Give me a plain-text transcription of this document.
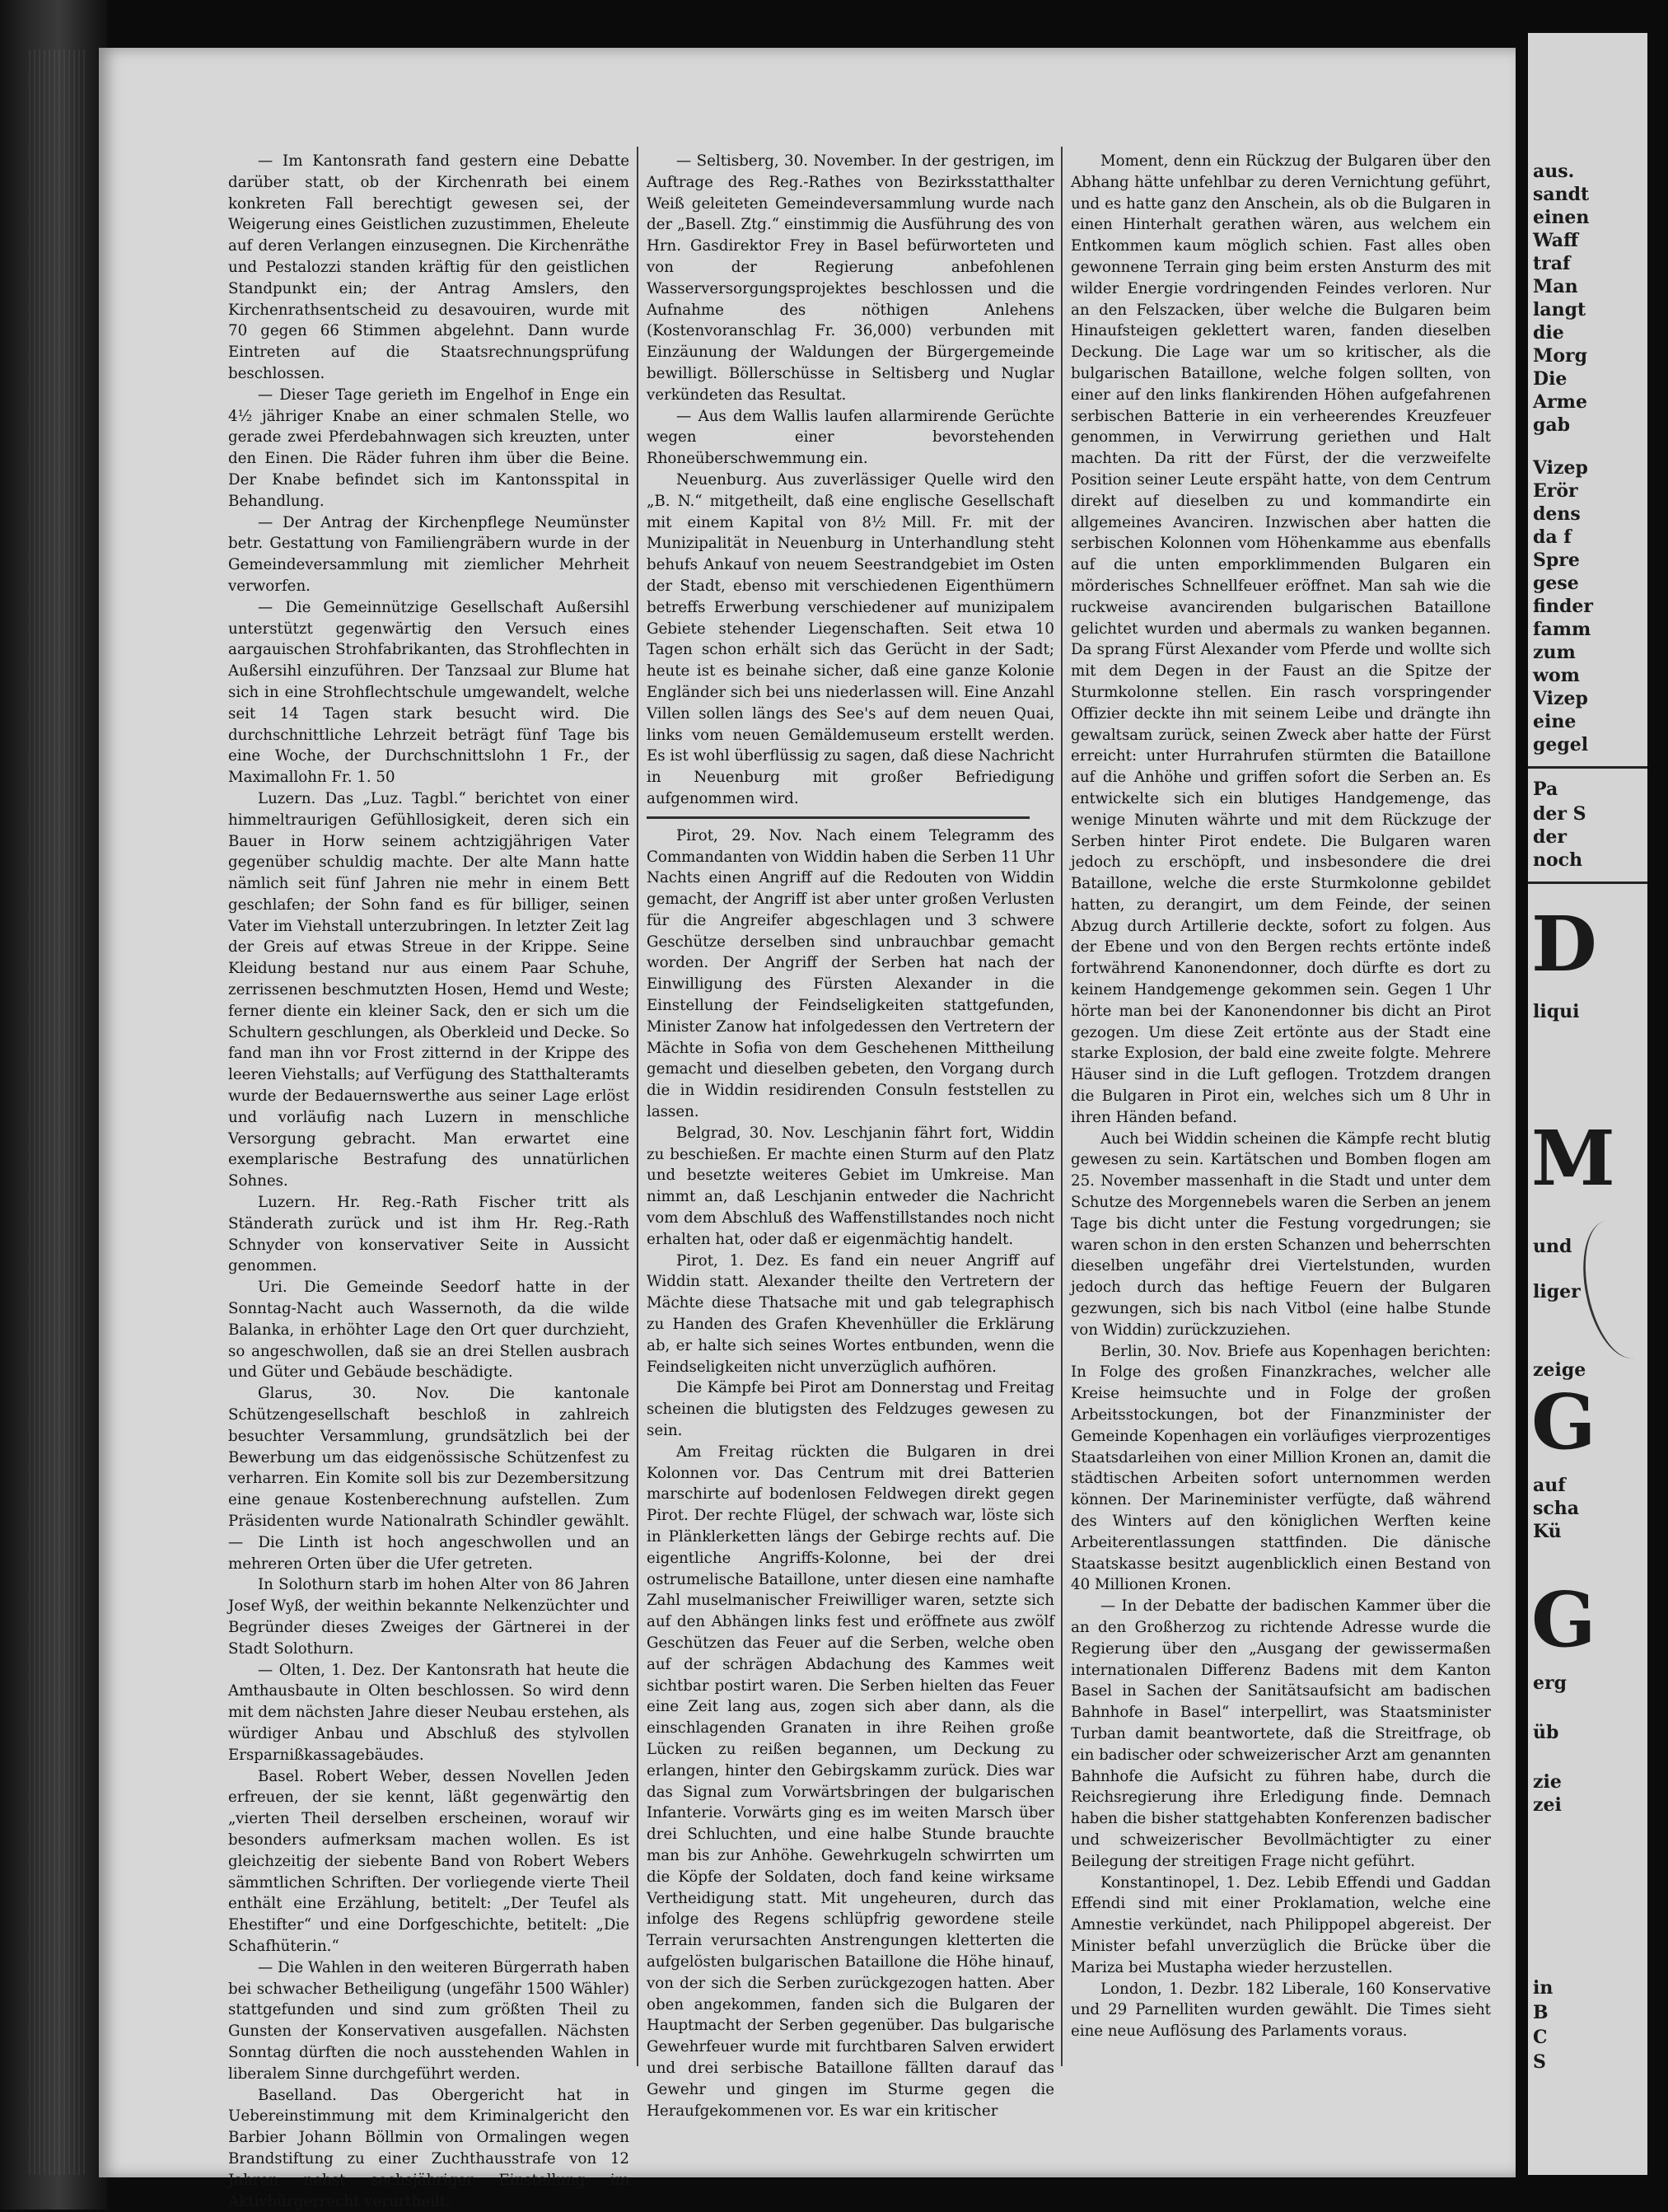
— Im Kantonsrath fand gestern eine Debatte darüber statt, ob der Kirchenrath bei einem konkreten Fall berechtigt gewesen sei, der Weigerung eines Geistlichen zuzustimmen, Eheleute auf deren Verlangen einzusegnen. Die Kirchenräthe und Pestalozzi standen kräftig für den geistlichen Standpunkt ein; der Antrag Amslers, den Kirchenrathsentscheid zu desavouiren, wurde mit 70 gegen 66 Stimmen abgelehnt. Dann wurde Eintreten auf die Staatsrechnungsprüfung beschlossen.

— Dieser Tage gerieth im Engelhof in Enge ein 4½ jähriger Knabe an einer schmalen Stelle, wo gerade zwei Pferdebahnwagen sich kreuzten, unter den Einen. Die Räder fuhren ihm über die Beine. Der Knabe befindet sich im Kantonsspital in Behandlung.

— Der Antrag der Kirchenpflege Neumünster betr. Gestattung von Familiengräbern wurde in der Gemeindeversammlung mit ziemlicher Mehrheit verworfen.

— Die Gemeinnützige Gesellschaft Außersihl unterstützt gegenwärtig den Versuch eines aargauischen Strohfabrikanten, das Strohflechten in Außersihl einzuführen. Der Tanzsaal zur Blume hat sich in eine Strohflechtschule umgewandelt, welche seit 14 Tagen stark besucht wird. Die durchschnittliche Lehrzeit beträgt fünf Tage bis eine Woche, der Durchschnittslohn 1 Fr., der Maximallohn Fr. 1. 50

Luzern. Das „Luz. Tagbl.“ berichtet von einer himmeltraurigen Gefühllosigkeit, deren sich ein Bauer in Horw seinem achtzigjährigen Vater gegenüber schuldig machte. Der alte Mann hatte nämlich seit fünf Jahren nie mehr in einem Bett geschlafen; der Sohn fand es für billiger, seinen Vater im Viehstall unterzubringen. In letzter Zeit lag der Greis auf etwas Streue in der Krippe. Seine Kleidung bestand nur aus einem Paar Schuhe, zerrissenen beschmutzten Hosen, Hemd und Weste; ferner diente ein kleiner Sack, den er sich um die Schultern geschlungen, als Oberkleid und Decke. So fand man ihn vor Frost zitternd in der Krippe des leeren Viehstalls; auf Verfügung des Statthalteramts wurde der Bedauernswerthe aus seiner Lage erlöst und vorläufig nach Luzern in menschliche Versorgung gebracht. Man erwartet eine exemplarische Bestrafung des unnatürlichen Sohnes.

Luzern. Hr. Reg.-Rath Fischer tritt als Ständerath zurück und ist ihm Hr. Reg.-Rath Schnyder von konservativer Seite in Aussicht genommen.

Uri. Die Gemeinde Seedorf hatte in der Sonntag-Nacht auch Wassernoth, da die wilde Balanka, in erhöhter Lage den Ort quer durchzieht, so angeschwollen, daß sie an drei Stellen ausbrach und Güter und Gebäude beschädigte.

Glarus, 30. Nov. Die kantonale Schützengesellschaft beschloß in zahlreich besuchter Versammlung, grundsätzlich bei der Bewerbung um das eidgenössische Schützenfest zu verharren. Ein Komite soll bis zur Dezembersitzung eine genaue Kostenberechnung aufstellen. Zum Präsidenten wurde Nationalrath Schindler gewählt. — Die Linth ist hoch angeschwollen und an mehreren Orten über die Ufer getreten.

In Solothurn starb im hohen Alter von 86 Jahren Josef Wyß, der weithin bekannte Nelkenzüchter und Begründer dieses Zweiges der Gärtnerei in der Stadt Solothurn.

— Olten, 1. Dez. Der Kantonsrath hat heute die Amthausbaute in Olten beschlossen. So wird denn mit dem nächsten Jahre dieser Neubau erstehen, als würdiger Anbau und Abschluß des stylvollen Ersparnißkassagebäudes.

Basel. Robert Weber, dessen Novellen Jeden erfreuen, der sie kennt, läßt gegenwärtig den „vierten Theil derselben erscheinen, worauf wir besonders aufmerksam machen wollen. Es ist gleichzeitig der siebente Band von Robert Webers sämmtlichen Schriften. Der vorliegende vierte Theil enthält eine Erzählung, betitelt: „Der Teufel als Ehestifter“ und eine Dorfgeschichte, betitelt: „Die Schafhüterin.“

— Die Wahlen in den weiteren Bürgerrath haben bei schwacher Betheiligung (ungefähr 1500 Wähler) stattgefunden und sind zum größten Theil zu Gunsten der Konservativen ausgefallen. Nächsten Sonntag dürften die noch ausstehenden Wahlen in liberalem Sinne durchgeführt werden.

Baselland. Das Obergericht hat in Uebereinstimmung mit dem Kriminalgericht den Barbier Johann Böllmin von Ormalingen wegen Brandstiftung zu einer Zuchthausstrafe von 12 Jahren nebst sechsjähriger Einstellung im Aktivbürgerrecht verurtheilt.

— Seltisberg, 30. November. In der gestrigen, im Auftrage des Reg.-Rathes von Bezirksstatthalter Weiß geleiteten Gemeindeversammlung wurde nach der „Basell. Ztg.“ einstimmig die Ausführung des von Hrn. Gasdirektor Frey in Basel befürworteten und von der Regierung anbefohlenen Wasserversorgungsprojektes beschlossen und die Aufnahme des nöthigen Anlehens (Kostenvoranschlag Fr. 36,000) verbunden mit Einzäunung der Waldungen der Bürgergemeinde bewilligt. Böllerschüsse in Seltisberg und Nuglar verkündeten das Resultat.

— Aus dem Wallis laufen allarmirende Gerüchte wegen einer bevorstehenden Rhoneüberschwemmung ein.

Neuenburg. Aus zuverlässiger Quelle wird den „B. N.“ mitgetheilt, daß eine englische Gesellschaft mit einem Kapital von 8½ Mill. Fr. mit der Munizipalität in Neuenburg in Unterhandlung steht behufs Ankauf von neuem Seestrandgebiet im Osten der Stadt, ebenso mit verschiedenen Eigenthümern betreffs Erwerbung verschiedener auf munizipalem Gebiete stehender Liegenschaften. Seit etwa 10 Tagen schon erhält sich das Gerücht in der Sadt; heute ist es beinahe sicher, daß eine ganze Kolonie Engländer sich bei uns niederlassen will. Eine Anzahl Villen sollen längs des See's auf dem neuen Quai, links vom neuen Gemäldemuseum erstellt werden. Es ist wohl überflüssig zu sagen, daß diese Nachricht in Neuenburg mit großer Befriedigung aufgenommen wird.

Pirot, 29. Nov. Nach einem Telegramm des Commandanten von Widdin haben die Serben 11 Uhr Nachts einen Angriff auf die Redouten von Widdin gemacht, der Angriff ist aber unter großen Verlusten für die Angreifer abgeschlagen und 3 schwere Geschütze derselben sind unbrauchbar gemacht worden. Der Angriff der Serben hat nach der Einwilligung des Fürsten Alexander in die Einstellung der Feindseligkeiten stattgefunden, Minister Zanow hat infolgedessen den Vertretern der Mächte in Sofia von dem Geschehenen Mittheilung gemacht und dieselben gebeten, den Vorgang durch die in Widdin residirenden Consuln feststellen zu lassen.

Belgrad, 30. Nov. Leschjanin fährt fort, Widdin zu beschießen. Er machte einen Sturm auf den Platz und besetzte weiteres Gebiet im Umkreise. Man nimmt an, daß Leschjanin entweder die Nachricht vom dem Abschluß des Waffenstillstandes noch nicht erhalten hat, oder daß er eigenmächtig handelt.

Pirot, 1. Dez. Es fand ein neuer Angriff auf Widdin statt. Alexander theilte den Vertretern der Mächte diese Thatsache mit und gab telegraphisch zu Handen des Grafen Khevenhüller die Erklärung ab, er halte sich seines Wortes entbunden, wenn die Feindseligkeiten nicht unverzüglich aufhören.

Die Kämpfe bei Pirot am Donnerstag und Freitag scheinen die blutigsten des Feldzuges gewesen zu sein.

Am Freitag rückten die Bulgaren in drei Kolonnen vor. Das Centrum mit drei Batterien marschirte auf bodenlosen Feldwegen direkt gegen Pirot. Der rechte Flügel, der schwach war, löste sich in Plänklerketten längs der Gebirge rechts auf. Die eigentliche Angriffs-Kolonne, bei der drei ostrumelische Bataillone, unter diesen eine namhafte Zahl muselmanischer Freiwilliger waren, setzte sich auf den Abhängen links fest und eröffnete aus zwölf Geschützen das Feuer auf die Serben, welche oben auf der schrägen Abdachung des Kammes weit sichtbar postirt waren. Die Serben hielten das Feuer eine Zeit lang aus, zogen sich aber dann, als die einschlagenden Granaten in ihre Reihen große Lücken zu reißen begannen, um Deckung zu erlangen, hinter den Gebirgskamm zurück. Dies war das Signal zum Vorwärtsbringen der bulgarischen Infanterie. Vorwärts ging es im weiten Marsch über drei Schluchten, und eine halbe Stunde brauchte man bis zur Anhöhe. Gewehrkugeln schwirrten um die Köpfe der Soldaten, doch fand keine wirksame Vertheidigung statt. Mit ungeheuren, durch das infolge des Regens schlüpfrig gewordene steile Terrain verursachten Anstrengungen kletterten die aufgelösten bulgarischen Bataillone die Höhe hinauf, von der sich die Serben zurückgezogen hatten. Aber oben angekommen, fanden sich die Bulgaren der Hauptmacht der Serben gegenüber. Das bulgarische Gewehrfeuer wurde mit furchtbaren Salven erwidert und drei serbische Bataillone fällten darauf das Gewehr und gingen im Sturme gegen die Heraufgekommenen vor. Es war ein kritischer

Moment, denn ein Rückzug der Bulgaren über den Abhang hätte unfehlbar zu deren Vernichtung geführt, und es hatte ganz den Anschein, als ob die Bulgaren in einen Hinterhalt gerathen wären, aus welchem ein Entkommen kaum möglich schien. Fast alles oben gewonnene Terrain ging beim ersten Ansturm des mit wilder Energie vordringenden Feindes verloren. Nur an den Felszacken, über welche die Bulgaren beim Hinaufsteigen geklettert waren, fanden dieselben Deckung. Die Lage war um so kritischer, als die bulgarischen Bataillone, welche folgen sollten, von einer auf den links flankirenden Höhen aufgefahrenen serbischen Batterie in ein verheerendes Kreuzfeuer genommen, in Verwirrung geriethen und Halt machten. Da ritt der Fürst, der die verzweifelte Position seiner Leute erspäht hatte, von dem Centrum direkt auf dieselben zu und kommandirte ein allgemeines Avanciren. Inzwischen aber hatten die serbischen Kolonnen vom Höhenkamme aus ebenfalls auf die unten emporklimmenden Bulgaren ein mörderisches Schnellfeuer eröffnet. Man sah wie die ruckweise avancirenden bulgarischen Bataillone gelichtet wurden und abermals zu wanken begannen. Da sprang Fürst Alexander vom Pferde und wollte sich mit dem Degen in der Faust an die Spitze der Sturmkolonne stellen. Ein rasch vorspringender Offizier deckte ihn mit seinem Leibe und drängte ihn gewaltsam zurück, seinen Zweck aber hatte der Fürst erreicht: unter Hurrahrufen stürmten die Bataillone auf die Anhöhe und griffen sofort die Serben an. Es entwickelte sich ein blutiges Handgemenge, das wenige Minuten währte und mit dem Rückzuge der Serben hinter Pirot endete. Die Bulgaren waren jedoch zu erschöpft, und insbesondere die drei Bataillone, welche die erste Sturmkolonne gebildet hatten, zu derangirt, um dem Feinde, der seinen Abzug durch Artillerie deckte, sofort zu folgen. Aus der Ebene und von den Bergen rechts ertönte indeß fortwährend Kanonendonner, doch dürfte es dort zu keinem Handgemenge gekommen sein. Gegen 1 Uhr hörte man bei der Kanonendonner bis dicht an Pirot gezogen. Um diese Zeit ertönte aus der Stadt eine starke Explosion, der bald eine zweite folgte. Mehrere Häuser sind in die Luft geflogen. Trotzdem drangen die Bulgaren in Pirot ein, welches sich um 8 Uhr in ihren Händen befand.

Auch bei Widdin scheinen die Kämpfe recht blutig gewesen zu sein. Kartätschen und Bomben flogen am 25. November massenhaft in die Stadt und unter dem Schutze des Morgennebels waren die Serben an jenem Tage bis dicht unter die Festung vorgedrungen; sie waren schon in den ersten Schanzen und beherrschten dieselben ungefähr drei Viertelstunden, wurden jedoch durch das heftige Feuern der Bulgaren gezwungen, sich bis nach Vitbol (eine halbe Stunde von Widdin) zurückzuziehen.

Berlin, 30. Nov. Briefe aus Kopenhagen berichten: In Folge des großen Finanzkraches, welcher alle Kreise heimsuchte und in Folge der großen Arbeitsstockungen, bot der Finanzminister der Gemeinde Kopenhagen ein vorläufiges vierprozentiges Staatsdarleihen von einer Million Kronen an, damit die städtischen Arbeiten sofort unternommen werden können. Der Marineminister verfügte, daß während des Winters auf den königlichen Werften keine Arbeiterentlassungen stattfinden. Die dänische Staatskasse besitzt augenblicklich einen Bestand von 40 Millionen Kronen.

— In der Debatte der badischen Kammer über die an den Großherzog zu richtende Adresse wurde die Regierung über den „Ausgang der gewissermaßen internationalen Differenz Badens mit dem Kanton Basel in Sachen der Sanitätsaufsicht am badischen Bahnhofe in Basel“ interpellirt, was Staatsminister Turban damit beantwortete, daß die Streitfrage, ob ein badischer oder schweizerischer Arzt am genannten Bahnhofe die Aufsicht zu führen habe, durch die Reichsregierung ihre Erledigung finde. Demnach haben die bisher stattgehabten Konferenzen badischer und schweizerischer Bevollmächtigter zu einer Beilegung der streitigen Frage nicht geführt.

Konstantinopel, 1. Dez. Lebib Effendi und Gaddan Effendi sind mit einer Proklamation, welche eine Amnestie verkündet, nach Philippopel abgereist. Der Minister befahl unverzüglich die Brücke über die Mariza bei Mustapha wieder herzustellen.

London, 1. Dezbr. 182 Liberale, 160 Konservative und 29 Parnelliten wurden gewählt. Die Times sieht eine neue Auflösung des Parlaments voraus.

aus.
sandt
einen
Waff
traf
Man
langt
die
Morg
Die
Arme
gab
Vizep
Erör
dens
da f
Spre
gese
finder
famm
zum
wom
Vizep
eine
gegel
Pa
der S
der
noch
D
liqui
M
und
liger
zeige
G
auf
scha
Kü
G
erg
üb
zie
zei
in
B
C
S
